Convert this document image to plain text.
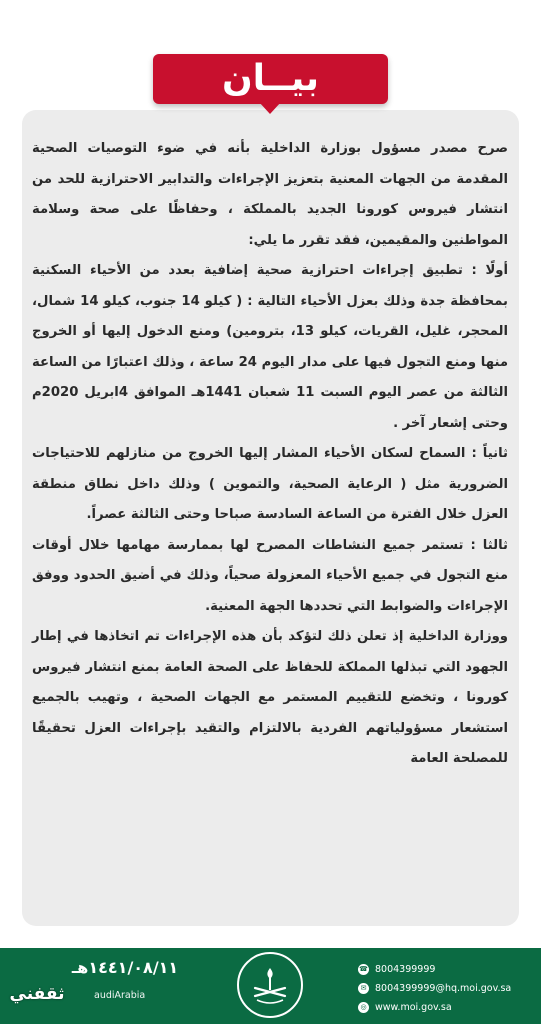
بيــان

صرح مصدر مسؤول بوزارة الداخلية بأنه في ضوء التوصيات الصحية المقدمة من الجهات المعنية بتعزيز الإجراءات والتدابير الاحترازية للحد من انتشار فيروس كورونا الجديد بالمملكة ، وحفاظًا على صحة وسلامة المواطنين والمقيمين، فقد تقرر ما يلي:

أولًا : تطبيق إجراءات احترازية صحية إضافية بعدد من الأحياء السكنية بمحافظة جدة وذلك بعزل الأحياء التالية : ( كيلو 14 جنوب، كيلو 14 شمال، المحجر، غليل، القريات، كيلو 13، بترومين) ومنع الدخول إليها أو الخروج منها ومنع التجول فيها على مدار اليوم 24 ساعة ، وذلك اعتبارًا من الساعة الثالثة من عصر اليوم السبت 11 شعبان 1441هـ الموافق 4ابريل 2020م وحتى إشعار آخر .

ثانياً : السماح لسكان الأحياء المشار إليها الخروج من منازلهم للاحتياجات الضرورية مثل ( الرعاية الصحية، والتموين ) وذلك داخل نطاق منطقة العزل خلال الفترة من الساعة السادسة صباحا وحتى الثالثة عصراً.

ثالثا : تستمر جميع النشاطات المصرح لها بممارسة مهامها خلال أوقات منع التجول في جميع الأحياء المعزولة صحياً، وذلك في أضيق الحدود ووفق الإجراءات والضوابط التي تحددها الجهة المعنية.

ووزارة الداخلية إذ تعلن ذلك لتؤكد بأن هذه الإجراءات تم اتخاذها في إطار الجهود التي تبذلها المملكة للحفاظ على الصحة العامة بمنع انتشار فيروس كورونا ، وتخضع للتقييم المستمر مع الجهات الصحية ، وتهيب بالجميع استشعار مسؤولياتهم الفردية بالالتزام والتقيد بإجراءات العزل تحقيقًا للمصلحة العامة

١٤٤١/٠٨/١١هـ
audiArabia
☎ 8004399999
✉ 8004399999@hq.moi.gov.sa
◎ www.moi.gov.sa
ثقفني
